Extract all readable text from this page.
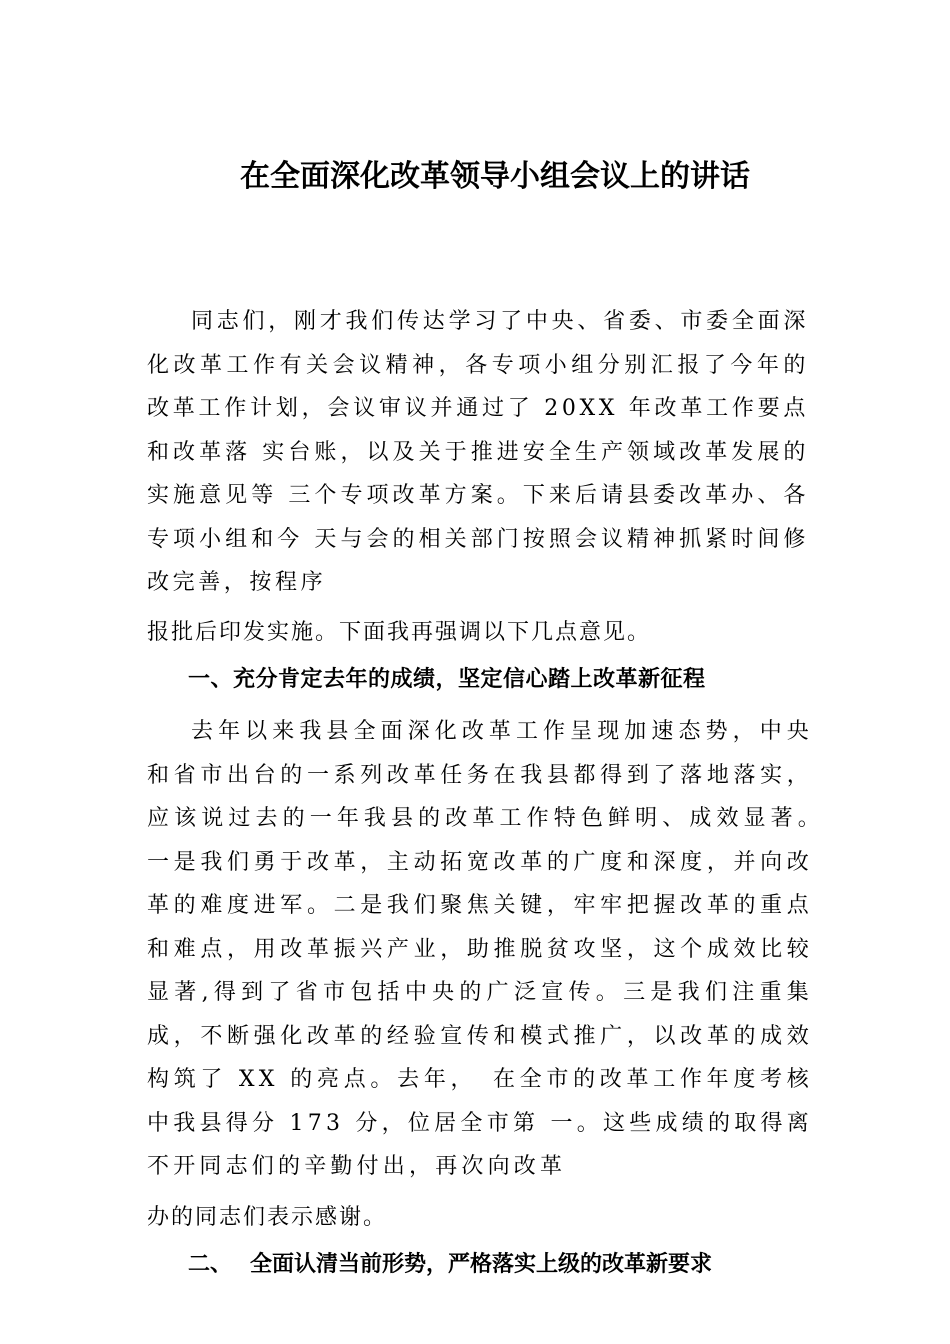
在全面深化改革领导小组会议上的讲话

同志们，刚才我们传达学习了中央、省委、市委全面深化改革工作有关会议精神，各专项小组分别汇报了今年的改革工作计划，会议审议并通过了 20XX 年改革工作要点和改革落 实台账，以及关于推进安全生产领域改革发展的实施意见等 三个专项改革方案。下来后请县委改革办、各专项小组和今 天与会的相关部门按照会议精神抓紧时间修改完善，按程序

报批后印发实施。下面我再强调以下几点意见。

一、充分肯定去年的成绩，坚定信心踏上改革新征程

去年以来我县全面深化改革工作呈现加速态势，中央和省市出台的一系列改革任务在我县都得到了落地落实，应该说过去的一年我县的改革工作特色鲜明、成效显著。　一是我们勇于改革，主动拓宽改革的广度和深度，并向改革的难度进军。二是我们聚焦关键，牢牢把握改革的重点和难点，用改革振兴产业，助推脱贫攻坚，这个成效比较显著,得到了省市包括中央的广泛宣传。三是我们注重集成，不断强化改革的经验宣传和模式推广，以改革的成效构筑了 XX 的亮点。去年，　在全市的改革工作年度考核中我县得分 173 分，位居全市第 一。这些成绩的取得离不开同志们的辛勤付出，再次向改革

办的同志们表示感谢。

二、 全面认清当前形势，严格落实上级的改革新要求
